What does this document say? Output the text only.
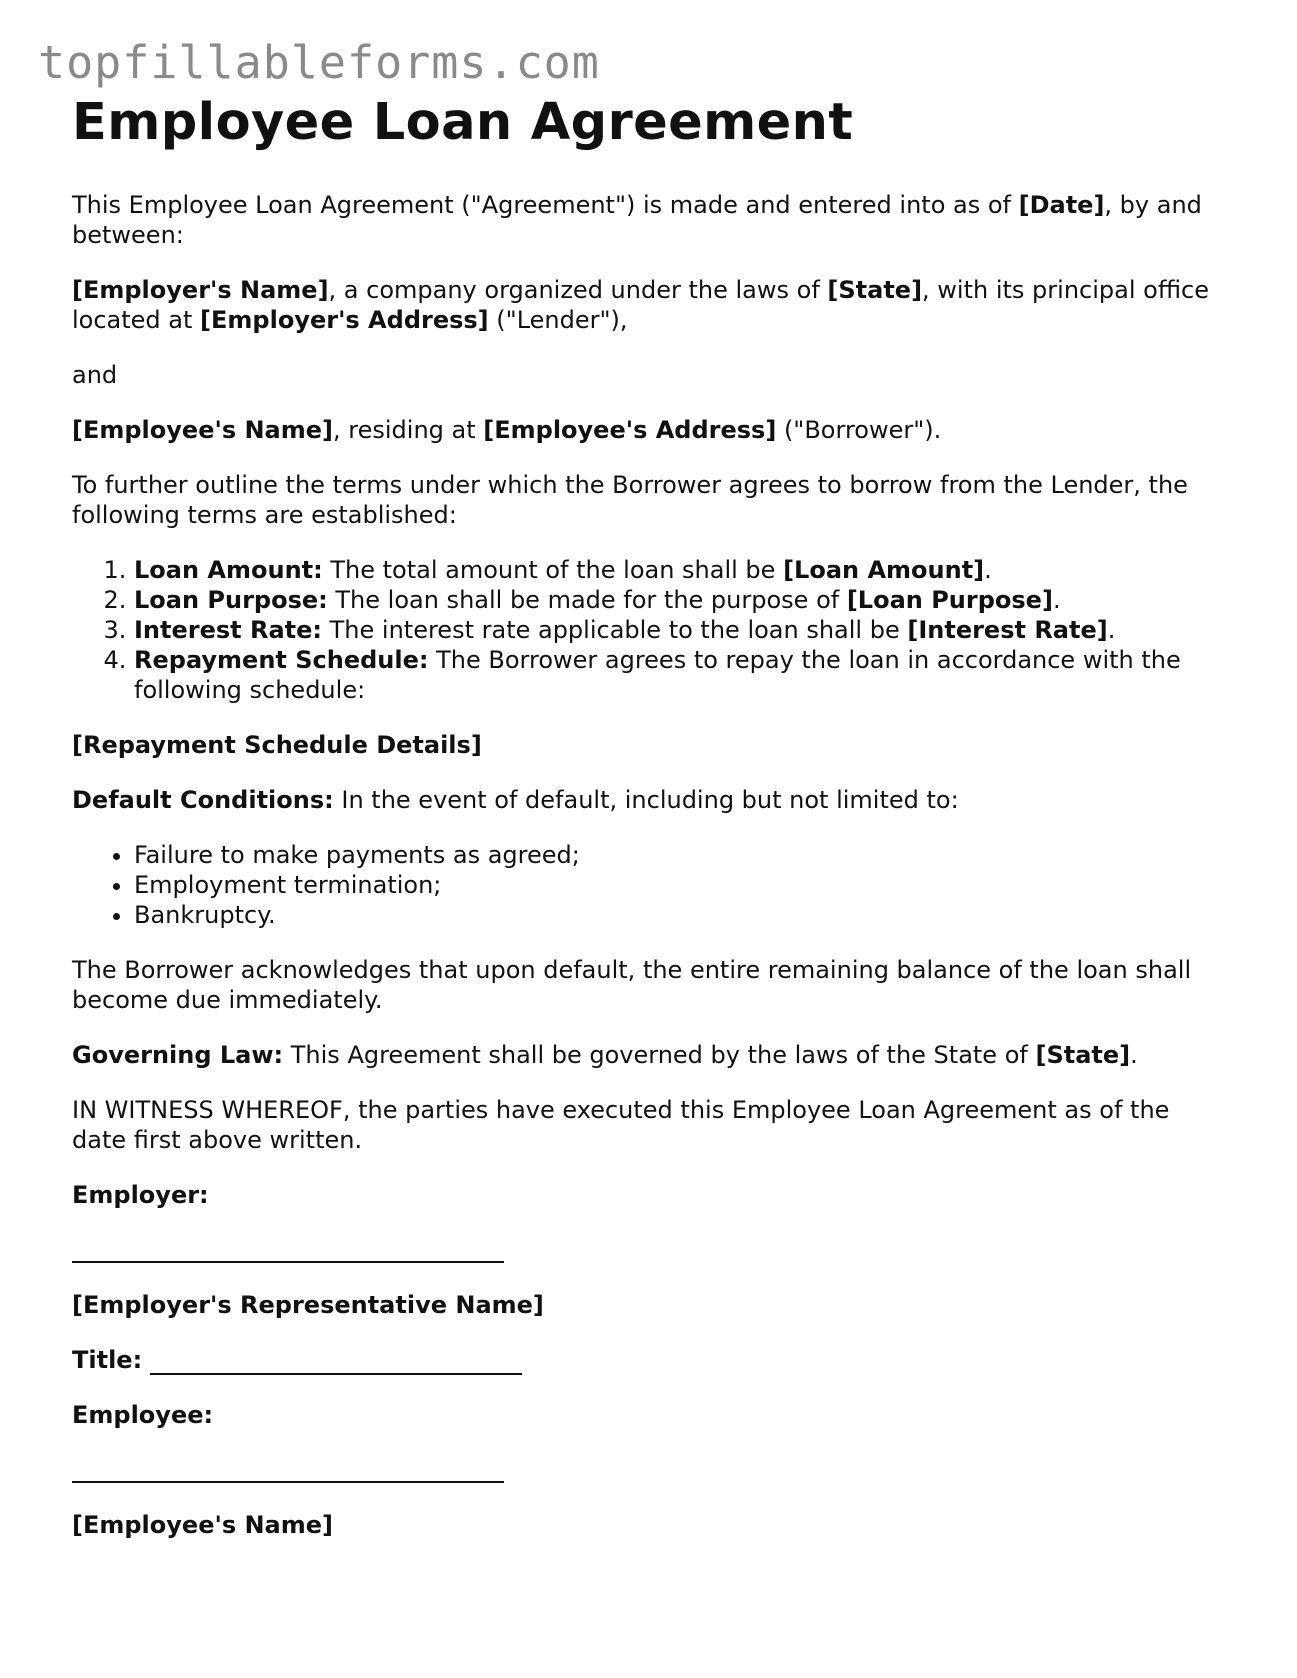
topfillableforms.com
Employee Loan Agreement

This Employee Loan Agreement ("Agreement") is made and entered into as of [Date], by and between:

[Employer's Name], a company organized under the laws of [State], with its principal office located at [Employer's Address] ("Lender"),

and

[Employee's Name], residing at [Employee's Address] ("Borrower").

To further outline the terms under which the Borrower agrees to borrow from the Lender, the following terms are established:

1. Loan Amount: The total amount of the loan shall be [Loan Amount].
2. Loan Purpose: The loan shall be made for the purpose of [Loan Purpose].
3. Interest Rate: The interest rate applicable to the loan shall be [Interest Rate].
4. Repayment Schedule: The Borrower agrees to repay the loan in accordance with the following schedule:

[Repayment Schedule Details]

Default Conditions: In the event of default, including but not limited to:

• Failure to make payments as agreed;
• Employment termination;
• Bankruptcy.

The Borrower acknowledges that upon default, the entire remaining balance of the loan shall become due immediately.

Governing Law: This Agreement shall be governed by the laws of the State of [State].

IN WITNESS WHEREOF, the parties have executed this Employee Loan Agreement as of the date first above written.

Employer:

[Employer's Representative Name]

Title:

Employee:

[Employee's Name]
